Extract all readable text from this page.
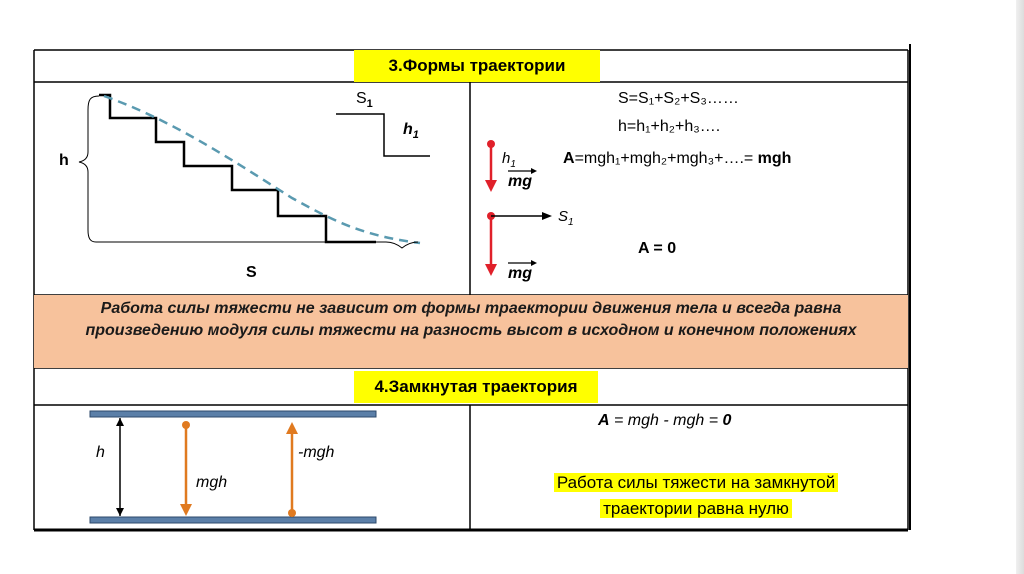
3.Формы траектории
h
S
$S_1$
$h_1$
S=S₁+S₂+S₃……
h=h₁+h₂+h₃….
A=mgh₁+mgh₂+mgh₃+….= mgh
A = 0
$h_1$
mg
$S_1$
mg
Работа силы тяжести не зависит от формы траектории движения тела и всегда равна произведению модуля силы тяжести на разность высот в исходном и конечном положениях
4.Замкнутая траектория
h
mgh
-mgh
A = mgh - mgh = 0
Работа силы тяжести на замкнутой
траектории равна нулю
